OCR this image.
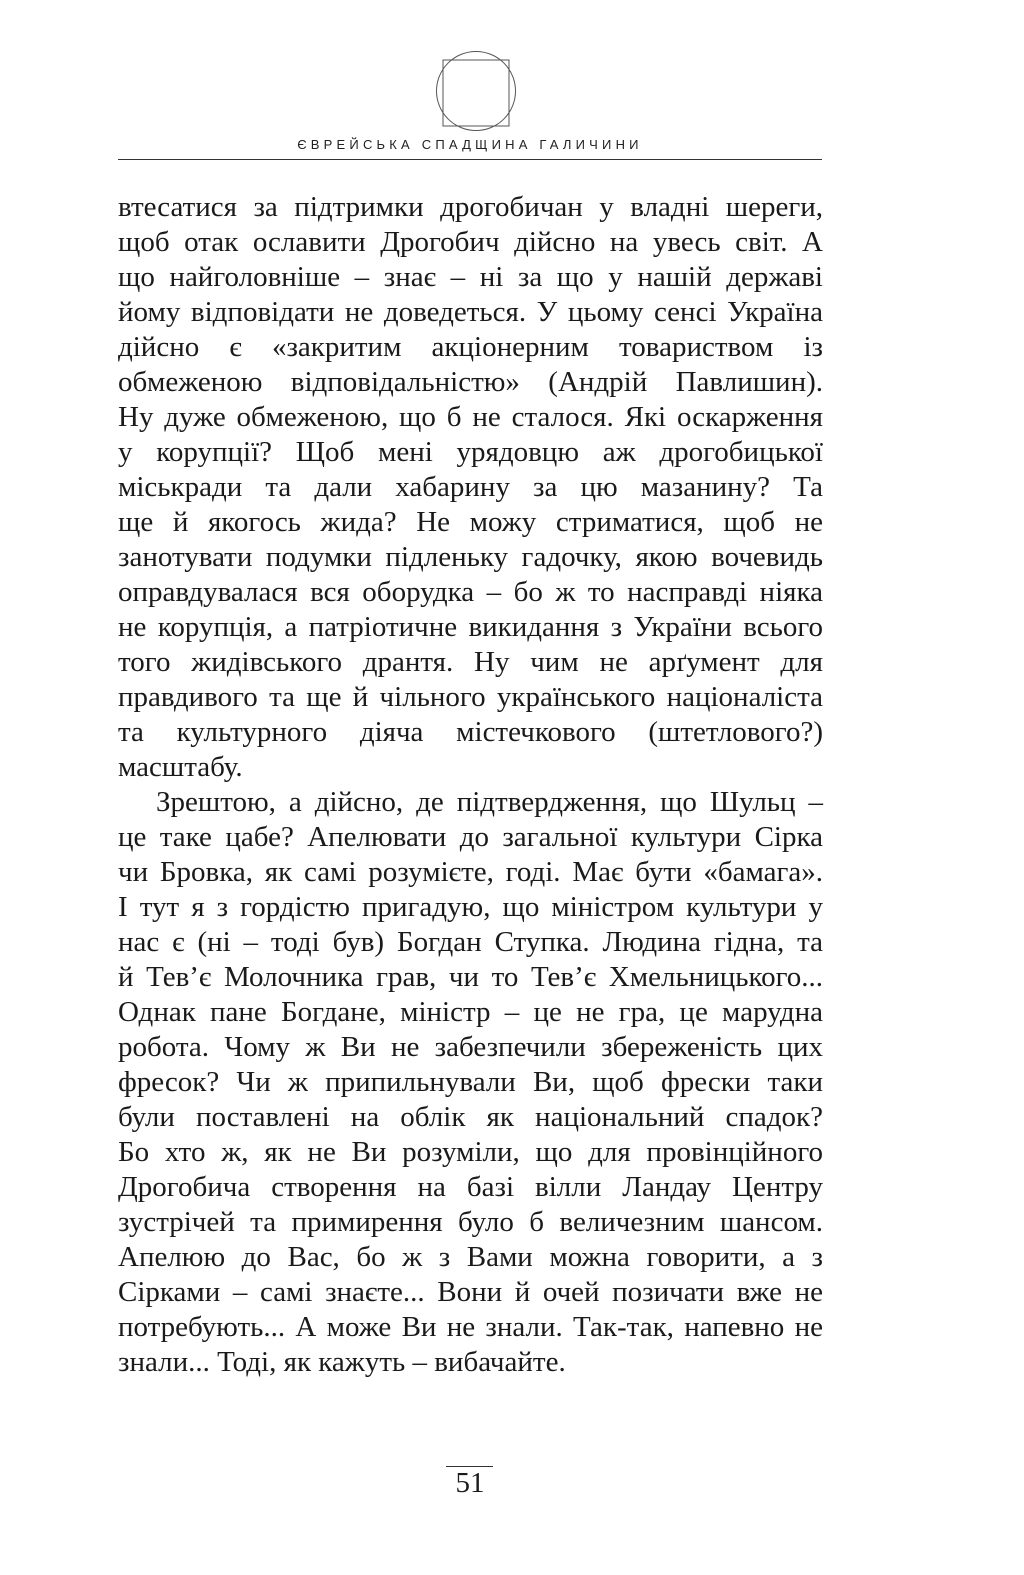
ЄВРЕЙСЬКА СПАДЩИНА ГАЛИЧИНИ
втесатися за підтримки дрогобичан у владні шереги,
щоб отак ославити Дрогобич дійсно на увесь світ. А
що найголовніше – знає – ні за що у нашій державі
йому відповідати не доведеться. У цьому сенсі Україна
дійсно є «закритим акціонерним товариством із
обмеженою відповідальністю» (Андрій Павлишин).
Ну дуже обмеженою, що б не сталося. Які оскарження
у корупції? Щоб мені урядовцю аж дрогобицької
міськради та дали хабарину за цю мазанину? Та
ще й якогось жида? Не можу стриматися, щоб не
занотувати подумки підленьку гадочку, якою вочевидь
оправдувалася вся оборудка – бо ж то насправді ніяка
не корупція, а патріотичне викидання з України всього
того жидівського дрантя. Ну чим не арґумент для
правдивого та ще й чільного українського націоналіста
та культурного діяча містечкового (штетлового?)
масштабу.
Зрештою, а дійсно, де підтвердження, що Шульц –
це таке цабе? Апелювати до загальної культури Сірка
чи Бровка, як самі розумієте, годі. Має бути «бамага».
І тут я з гордістю пригадую, що міністром культури у
нас є (ні – тоді був) Богдан Ступка. Людина гідна, та
й Тев’є Молочника грав, чи то Тев’є Хмельницького...
Однак пане Богдане, міністр – це не гра, це марудна
робота. Чому ж Ви не забезпечили збереженість цих
фресок? Чи ж припильнували Ви, щоб фрески таки
були поставлені на облік як національний спадок?
Бо хто ж, як не Ви розуміли, що для провінційного
Дрогобича створення на базі вілли Ландау Центру
зустрічей та примирення було б величезним шансом.
Апелюю до Вас, бо ж з Вами можна говорити, а з
Сірками – самі знаєте... Вони й очей позичати вже не
потребують... А може Ви не знали. Так-так, напевно не
знали... Тоді, як кажуть – вибачайте.
51
